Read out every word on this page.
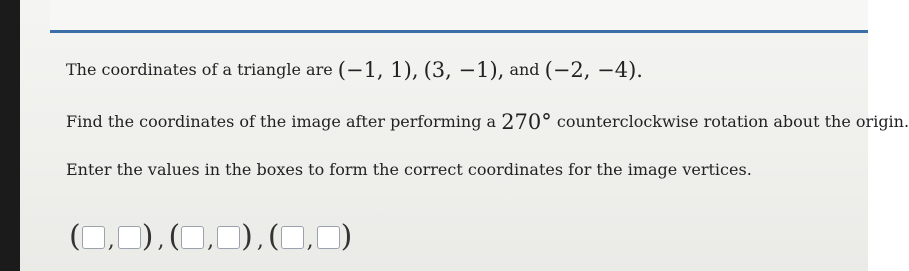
The coordinates of a triangle are (−1, 1), (3, −1), and (−2, −4).
Find the coordinates of the image after performing a 270° counterclockwise rotation about the origin.
Enter the values in the boxes to form the correct coordinates for the image vertices.
( , ) , ( , ) , ( , )
